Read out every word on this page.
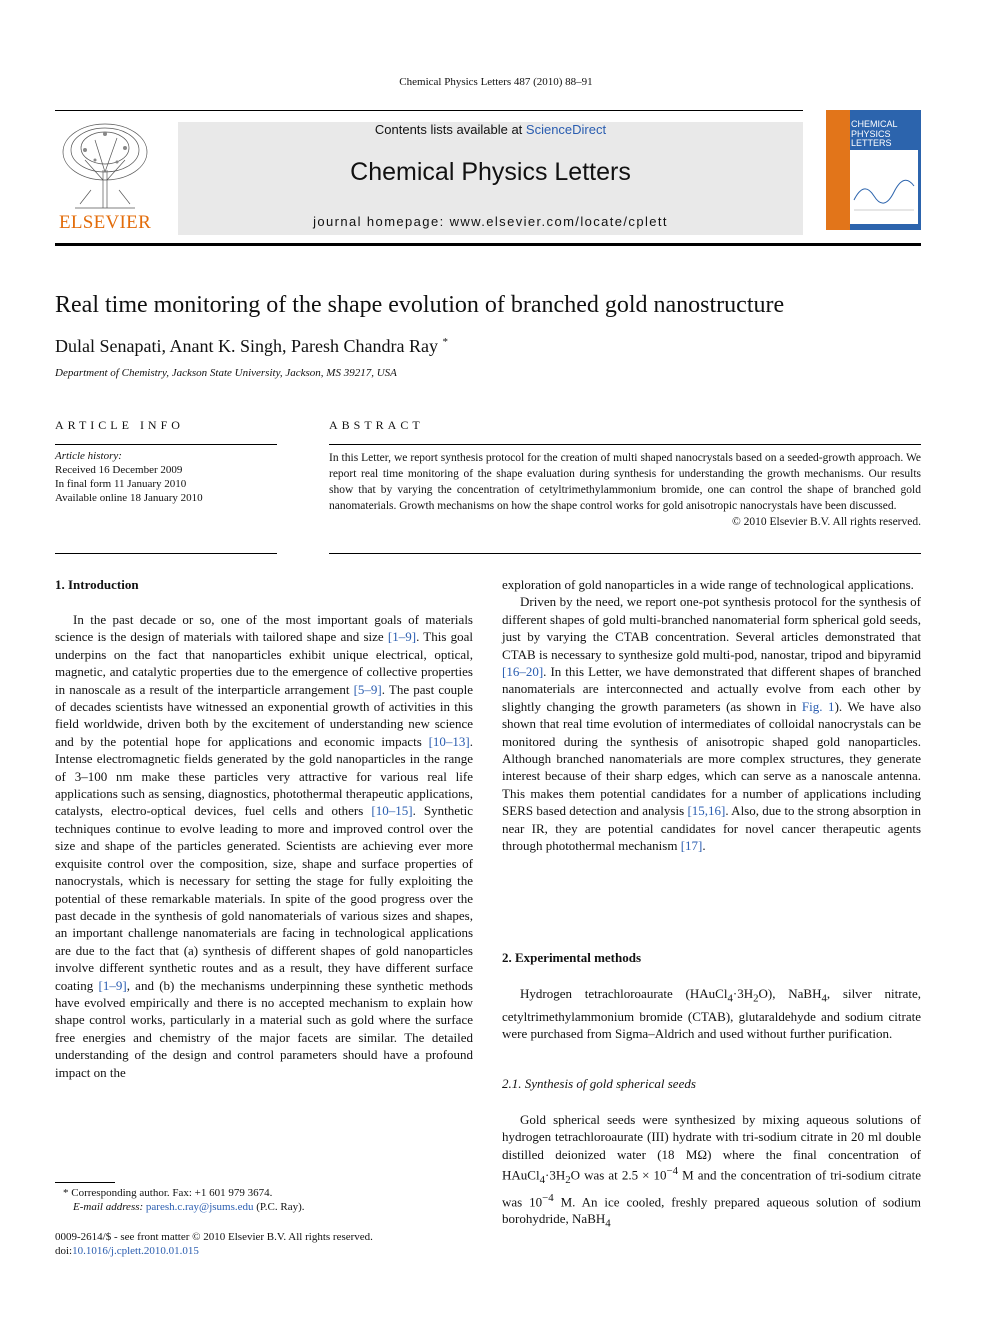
Chemical Physics Letters 487 (2010) 88–91
ELSEVIER
Contents lists available at ScienceDirect
Chemical Physics Letters
journal homepage: www.elsevier.com/locate/cplett
CHEMICAL PHYSICS LETTERS
Real time monitoring of the shape evolution of branched gold nanostructure
Dulal Senapati, Anant K. Singh, Paresh Chandra Ray *
Department of Chemistry, Jackson State University, Jackson, MS 39217, USA
ARTICLE INFO	ABSTRACT
Article history:
Received 16 December 2009
In final form 11 January 2010
Available online 18 January 2010
In this Letter, we report synthesis protocol for the creation of multi shaped nanocrystals based on a seeded-growth approach. We report real time monitoring of the shape evaluation during synthesis for understanding the growth mechanisms. Our results show that by varying the concentration of cetyltrimethylammonium bromide, one can control the shape of branched gold nanomaterials. Growth mechanisms on how the shape control works for gold anisotropic nanocrystals have been discussed.
© 2010 Elsevier B.V. All rights reserved.
1. Introduction

In the past decade or so, one of the most important goals of materials science is the design of materials with tailored shape and size [1–9]. This goal underpins on the fact that nanoparticles exhibit unique electrical, optical, magnetic, and catalytic properties due to the emergence of collective properties in nanoscale as a result of the interparticle arrangement [5–9]. The past couple of decades scientists have witnessed an exponential growth of activities in this field worldwide, driven both by the excitement of understanding new science and by the potential hope for applications and economic impacts [10–13]. Intense electromagnetic fields generated by the gold nanoparticles in the range of 3–100 nm make these particles very attractive for various real life applications such as sensing, diagnostics, photothermal therapeutic applications, catalysts, electro-optical devices, fuel cells and others [10–15]. Synthetic techniques continue to evolve leading to more and improved control over the size and shape of the particles generated. Scientists are achieving ever more exquisite control over the composition, size, shape and surface properties of nanocrystals, which is necessary for setting the stage for fully exploiting the potential of these remarkable materials. In spite of the good progress over the past decade in the synthesis of gold nanomaterials of various sizes and shapes, an important challenge nanomaterials are facing in technological applications are due to the fact that (a) synthesis of different shapes of gold nanoparticles involve different synthetic routes and as a result, they have different surface coating [1–9], and (b) the mechanisms underpinning these synthetic methods have evolved empirically and there is no accepted mechanism to explain how shape control works, particularly in a material such as gold where the surface free energies and chemistry of the major facets are similar. The detailed understanding of the design and control parameters should have a profound impact on the

exploration of gold nanoparticles in a wide range of technological applications.

Driven by the need, we report one-pot synthesis protocol for the synthesis of different shapes of gold multi-branched nanomaterial form spherical gold seeds, just by varying the CTAB concentration. Several articles demonstrated that CTAB is necessary to synthesize gold multi-pod, nanostar, tripod and bipyramid [16–20]. In this Letter, we have demonstrated that different shapes of branched nanomaterials are interconnected and actually evolve from each other by slightly changing the growth parameters (as shown in Fig. 1). We have also shown that real time evolution of intermediates of colloidal nanocrystals can be monitored during the synthesis of anisotropic shaped gold nanoparticles. Although branched nanomaterials are more complex structures, they generate interest because of their sharp edges, which can serve as a nanoscale antenna. This makes them potential candidates for a number of applications including SERS based detection and analysis [15,16]. Also, due to the strong absorption in near IR, they are potential candidates for novel cancer therapeutic agents through photothermal mechanism [17].

2. Experimental methods

Hydrogen tetrachloroaurate $(HAuCl_4\cdot 3H_2O)$, NaBH$_4$, silver nitrate, cetyltrimethylammonium bromide (CTAB), glutaraldehyde and sodium citrate were purchased from Sigma–Aldrich and used without further purification.

2.1. Synthesis of gold spherical seeds

Gold spherical seeds were synthesized by mixing aqueous solutions of hydrogen tetrachloroaurate (III) hydrate with tri-sodium citrate in 20 ml double distilled deionized water (18 MΩ) where the final concentration of $HAuCl_4\cdot 3H_2O$ was at $2.5 \times 10^{-4}$ M and the concentration of tri-sodium citrate was $10^{-4}$ M. An ice cooled, freshly prepared aqueous solution of sodium borohydride, NaBH$_4$

* Corresponding author. Fax: +1 601 979 3674.
E-mail address: paresh.c.ray@jsums.edu (P.C. Ray).
0009-2614/$ - see front matter © 2010 Elsevier B.V. All rights reserved.
doi:10.1016/j.cplett.2010.01.015
